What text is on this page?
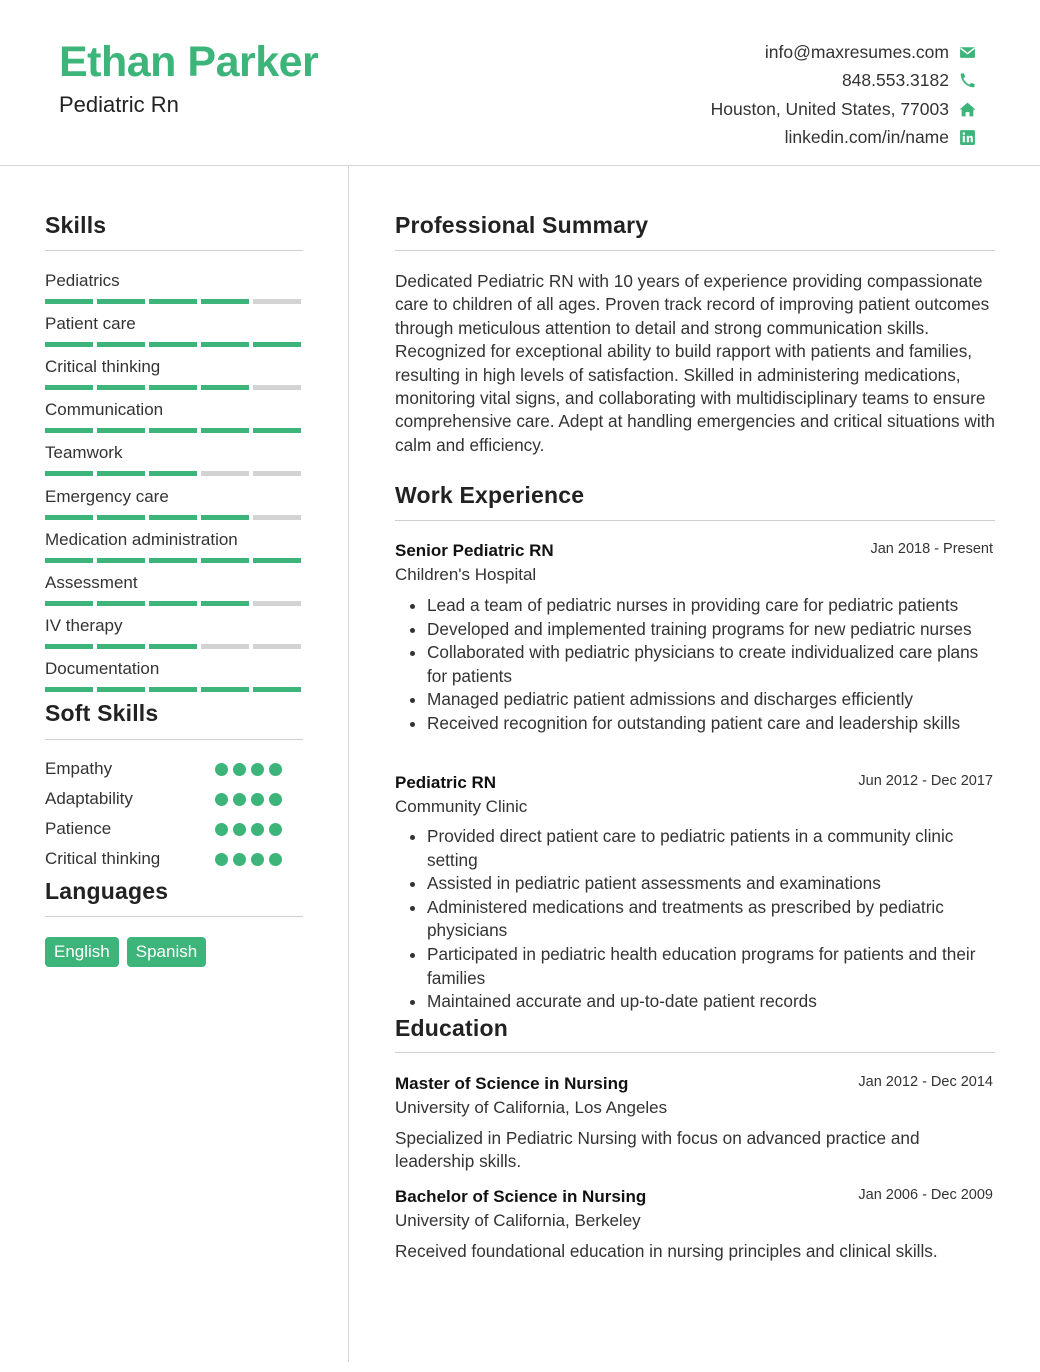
Ethan Parker
Pediatric Rn
info@maxresumes.com
848.553.3182
Houston, United States, 77003
linkedin.com/in/name
Skills
Pediatrics
Patient care
Critical thinking
Communication
Teamwork
Emergency care
Medication administration
Assessment
IV therapy
Documentation
Soft Skills
Empathy
Adaptability
Patience
Critical thinking
Languages
English	Spanish
Professional Summary
Dedicated Pediatric RN with 10 years of experience providing compassionate care to children of all ages. Proven track record of improving patient outcomes through meticulous attention to detail and strong communication skills. Recognized for exceptional ability to build rapport with patients and families, resulting in high levels of satisfaction. Skilled in administering medications, monitoring vital signs, and collaborating with multidisciplinary teams to ensure comprehensive care. Adept at handling emergencies and critical situations with calm and efficiency.
Work Experience
Senior Pediatric RN	Jan 2018 - Present
Children's Hospital
• Lead a team of pediatric nurses in providing care for pediatric patients
• Developed and implemented training programs for new pediatric nurses
• Collaborated with pediatric physicians to create individualized care plans for patients
• Managed pediatric patient admissions and discharges efficiently
• Received recognition for outstanding patient care and leadership skills
Pediatric RN	Jun 2012 - Dec 2017
Community Clinic
• Provided direct patient care to pediatric patients in a community clinic setting
• Assisted in pediatric patient assessments and examinations
• Administered medications and treatments as prescribed by pediatric physicians
• Participated in pediatric health education programs for patients and their families
• Maintained accurate and up-to-date patient records
Education
Master of Science in Nursing	Jan 2012 - Dec 2014
University of California, Los Angeles
Specialized in Pediatric Nursing with focus on advanced practice and leadership skills.
Bachelor of Science in Nursing	Jan 2006 - Dec 2009
University of California, Berkeley
Received foundational education in nursing principles and clinical skills.
